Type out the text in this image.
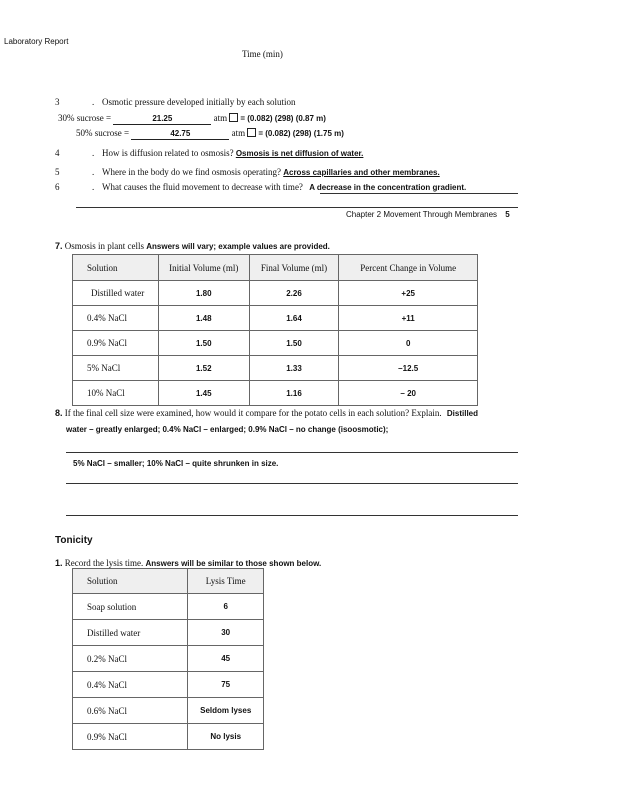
Laboratory Report
Time (min)
3	. Osmotic pressure developed initially by each solution
30% sucrose =	21.25	atm = (0.082) (298) (0.87 m)
50% sucrose =	42.75	atm = (0.082) (298) (1.75 m)
4	. How is diffusion related to osmosis? Osmosis is net diffusion of water.
5	. Where in the body do we find osmosis operating? Across capillaries and other membranes.
6	. What causes the fluid movement to decrease with time? A decrease in the concentration gradient.
Chapter 2 Movement Through Membranes 5
7. Osmosis in plant cells Answers will vary; example values are provided.
Solution	Initial Volume (ml)	Final Volume (ml)	Percent Change in Volume
Distilled water	1.80	2.26	+25
0.4% NaCl	1.48	1.64	+11
0.9% NaCl	1.50	1.50	0
5% NaCl	1.52	1.33	–12.5
10% NaCl	1.45	1.16	– 20
8. If the final cell size were examined, how would it compare for the potato cells in each solution? Explain. Distilled
water – greatly enlarged; 0.4% NaCl – enlarged; 0.9% NaCl – no change (isoosmotic);
5% NaCl – smaller; 10% NaCl – quite shrunken in size.
Tonicity
1. Record the lysis time. Answers will be similar to those shown below.
Solution	Lysis Time
Soap solution	6
Distilled water	30
0.2% NaCl	45
0.4% NaCl	75
0.6% NaCl	Seldom lyses
0.9% NaCl	No lysis
